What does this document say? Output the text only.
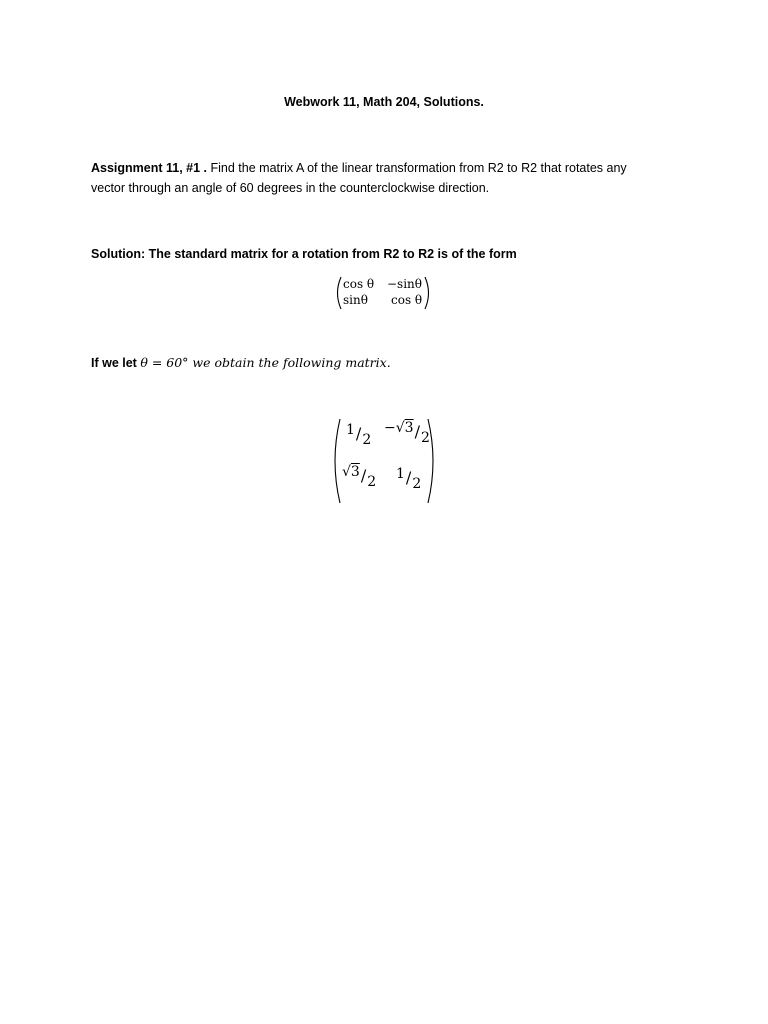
Webwork 11, Math 204, Solutions.
Assignment 11, #1 . Find the matrix A of the linear transformation from R2 to R2 that rotates any
vector through an angle of 60 degrees in the counterclockwise direction.
Solution: The standard matrix for a rotation from R2 to R2 is of the form
cos θ −sinθ
sinθ cos θ
If we let θ = 60° we obtain the following matrix.
1/2
−√3/2
√3/2 1/2
